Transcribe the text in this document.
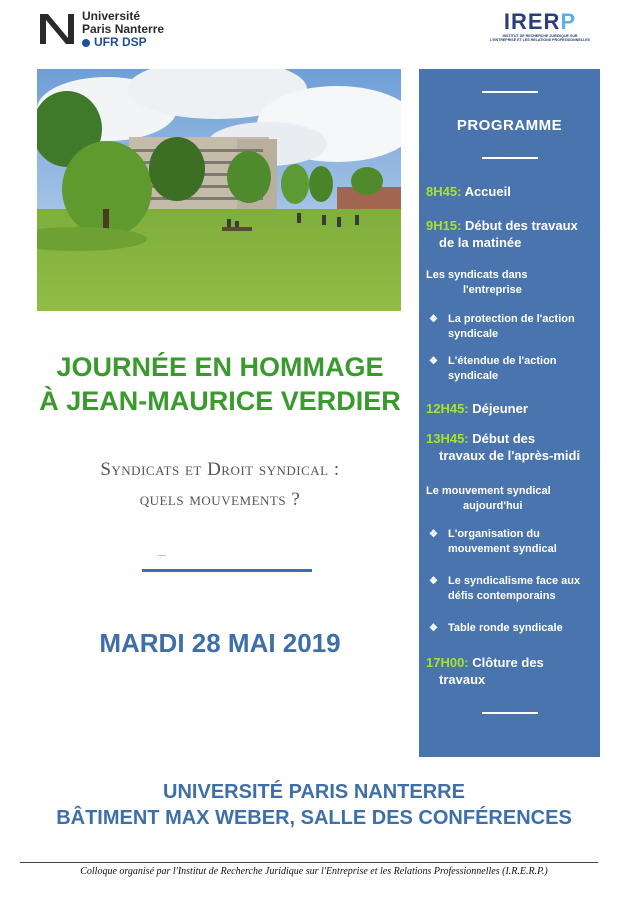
Université
Paris Nanterre
UFR DSP
IRERP
INSTITUT DE RECHERCHE JURIDIQUE SUR L'ENTREPRISE ET LES RELATIONS PROFESSIONNELLES
JOURNÉE EN HOMMAGE
À JEAN-MAURICE VERDIER
Syndicats et Droit syndical :
quels mouvements ?
MARDI 28 MAI 2019
PROGRAMME
8H45: Accueil
9H15: Début des travaux
de la matinée
Les syndicats dans
l'entreprise
❖ La protection de l'action
syndicale
❖ L'étendue de l'action
syndicale
12H45: Déjeuner
13H45: Début des
travaux de l'après-midi
Le mouvement syndical
aujourd'hui
❖ L'organisation du
mouvement syndical
❖ Le syndicalisme face aux
défis contemporains
❖ Table ronde syndicale
17H00: Clôture des
travaux
UNIVERSITÉ PARIS NANTERRE
BÂTIMENT MAX WEBER, SALLE DES CONFÉRENCES
Colloque organisé par l'Institut de Recherche Juridique sur l'Entreprise et les Relations Professionnelles (I.R.E.R.P.)
